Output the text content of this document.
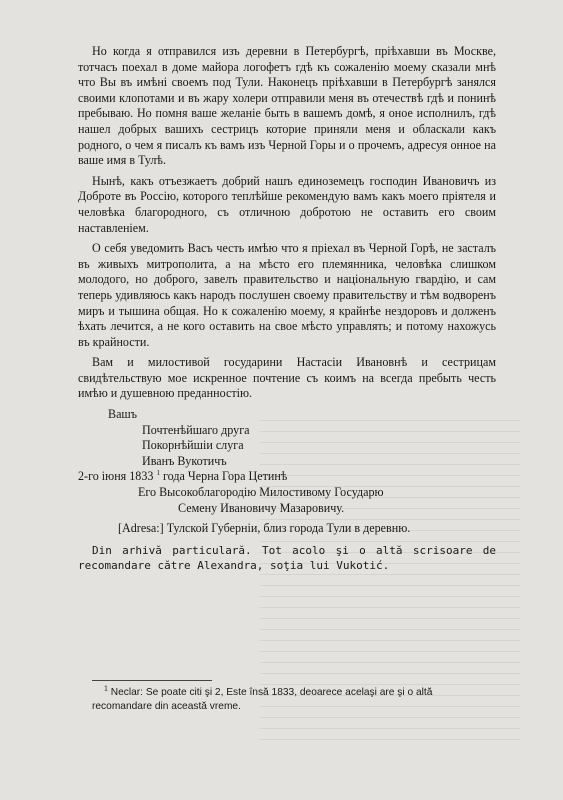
Но когда я отправился изъ деревни в Петербургѣ, пріѣхавши въ Москве, тотчасъ поехал в доме майора логофетъ гдѣ къ сожаленію моему сказали мнѣ что Вы въ имѣні своемъ под Тули. Наконецъ пріѣхавши в Петербургѣ занялся своими клопотами и въ жару холери отправили меня въ отечествѣ гдѣ и понинѣ пребываю. Но помня ваше желаніе быть в вашемъ домѣ, я оное исполнилъ, гдѣ нашел добрых вашихъ сестрицъ которие приняли меня и обласкали какъ родного, о чем я писалъ къ вамъ изъ Черной Горы и о прочемъ, адресуя онное на ваше имя в Тулѣ.

Нынѣ, какъ отъезжаетъ добрий нашъ единоземецъ господин Ивановичъ из Доброте въ Россію, которого теплѣйше рекомендую вамъ какъ моего пріятеля и человѣка благородного, съ отличною добротою не оставить его своим наставленіем.

О себя уведомить Васъ честь имѣю что я пріехал въ Черной Горѣ, не засталъ въ живыхъ митрополита, а на мѣсто его племянника, человѣка слишком молодого, но доброго, завелъ правительство и національную гвардію, и сам теперь удивляюсь какъ народъ послушен своему правительству и тѣм водворенъ миръ и тышина общая. Но к сожаленію моему, я крайнѣе нездоровъ и долженъ ѣхать лечится, а не кого оставить на свое мѣсто управлять; и потому нахожусь въ крайности.

Вам и милостивой государини Настасіи Ивановнѣ и сестрицам свидѣтельствую мое искренное почтение съ коимъ на всегда пребыть честь имѣю и душевною преданностію.

Вашъ
Почтенѣйшаго друга
Покорнѣйшіи слуга
Иванъ Вукотичъ
2-го іюня 1833 $^1$ года Черна Гора Цетинѣ
Его Высокоблагородію Милостивому Государю
Семену Ивановичу Мазаровичу.
[Adresa:] Тулской Губерніи, близ города Тули в деревню.

Din arhivă particulară. Tot acolo şi o altă scrisoare de recomandare către Alexandra, soţia lui Vukotić.

$^1$ Neclar: Se poate citi şi 2, Este însă 1833, deoarece acelaşi are şi o altă recomandare din această vreme.
